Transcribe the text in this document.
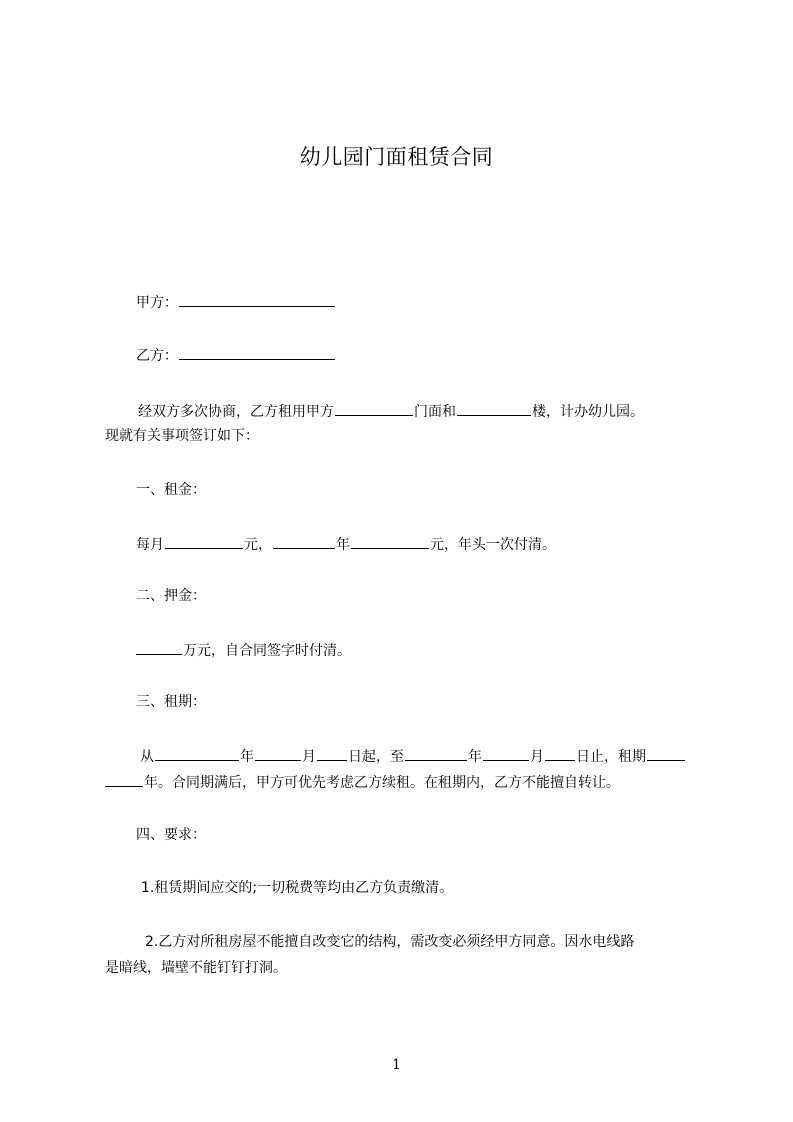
幼儿园门面租赁合同
甲方：
乙方：
经双方多次协商，乙方租用甲方	门面和	楼，计办幼儿园。
现就有关事项签订如下：
一、租金：
每月	元，	年	元，年头一次付清。
二、押金：
万元，自合同签字时付清。
三、租期：
从	年	月 日起，至	年	月 日止，租期
年。合同期满后，甲方可优先考虑乙方续租。在租期内，乙方不能擅自转让。
四、要求：
1.租赁期间应交的;一切税费等均由乙方负责缴清。
2.乙方对所租房屋不能擅自改变它的结构，需改变必须经甲方同意。因水电线路
是暗线，墙壁不能钉钉打洞。
1
